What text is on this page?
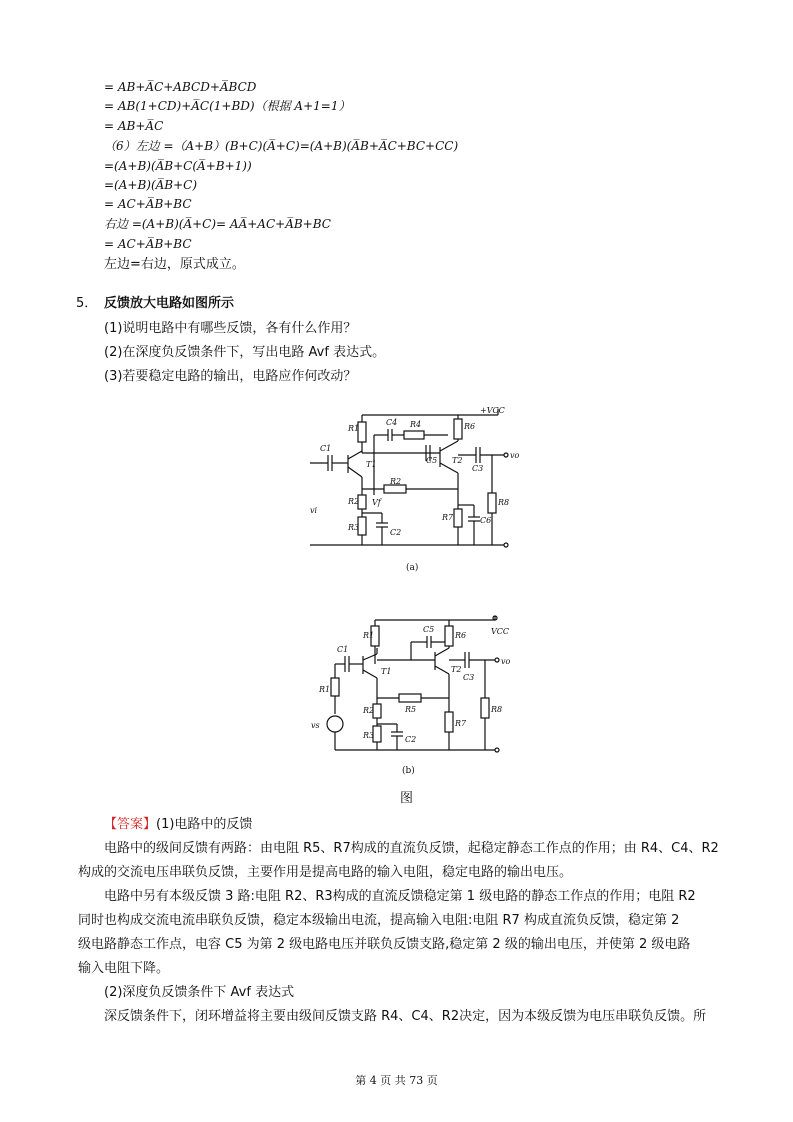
= AB+A̅C+ABCD+A̅BCD
= AB(1+CD)+A̅C(1+BD)（根据 A+1=1）
= AB+A̅C
（6）左边 =（A+B）(B+C)(A̅+C)=(A+B)(A̅B+A̅C+BC+CC)
=(A+B)(A̅B+C(A̅+B+1))
=(A+B)(A̅B+C)
= AC+A̅B+BC
右边 =(A+B)(A̅+C)= AA̅+AC+A̅B+BC
= AC+A̅B+BC
左边=右边，原式成立。
5． 反馈放大电路如图所示
(1)说明电路中有哪些反馈，各有什么作用？
(2)在深度负反馈条件下，写出电路 Avf 表达式。
(3)若要稳定电路的输出，电路应作何改动？
R1
R2
R3
R4
R2
R6
R7
R8
C1
C2
C3
C4
C5
C6
T1	T2
+VCC
vo
vi
Vf
(a)
R1
R2
R3
R5
R6
R7
R8
R1
C1
C2
C3
C5
T1	T2
VCC
vo
vs
(b)
图
【答案】(1)电路中的反馈
电路中的级间反馈有两路：由电阻 R5、R7构成的直流负反馈，起稳定静态工作点的作用；由 R4、C4、R2
构成的交流电压串联负反馈，主要作用是提高电路的输入电阻，稳定电路的输出电压。
电路中另有本级反馈 3 路:电阻 R2、R3构成的直流反馈稳定第 1 级电路的静态工作点的作用；电阻 R2
同时也构成交流电流串联负反馈，稳定本级输出电流，提高输入电阻:电阻 R7 构成直流负反馈，稳定第 2
级电路静态工作点，电容 C5 为第 2 级电路电压并联负反馈支路,稳定第 2 级的输出电压，并使第 2 级电路
输入电阻下降。
(2)深度负反馈条件下 Avf 表达式
深反馈条件下，闭环增益将主要由级间反馈支路 R4、C4、R2决定，因为本级反馈为电压串联负反馈。所
第 4 页 共 73 页
